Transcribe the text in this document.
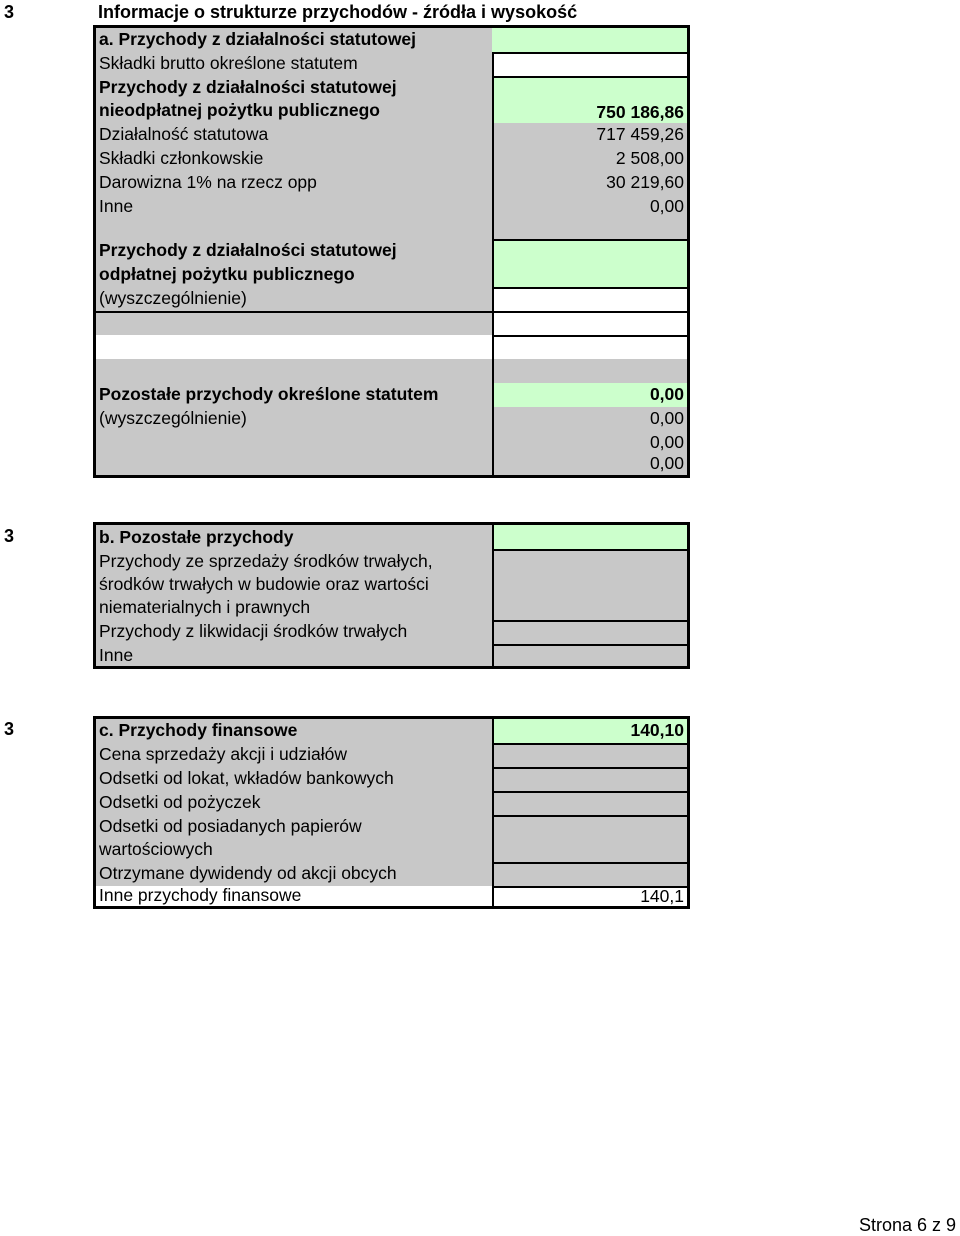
3	Informacje o strukturze przychodów - źródła i wysokość
a. Przychody z działalności statutowej
Składki brutto określone statutem
Przychody z działalności statutowej
nieodpłatnej pożytku publicznego	750 186,86
Działalność statutowa	717 459,26
Składki członkowskie	2 508,00
Darowizna 1% na rzecz opp	30 219,60
Inne	0,00
Przychody z działalności statutowej
odpłatnej pożytku publicznego
(wyszczególnienie)
Pozostałe przychody określone statutem	0,00
(wyszczególnienie)	0,00
0,00
0,00
3	b. Pozostałe przychody
Przychody ze sprzedaży środków trwałych,
środków trwałych w budowie oraz wartości
niematerialnych i prawnych
Przychody z likwidacji środków trwałych
Inne
3	c. Przychody finansowe	140,10
Cena sprzedaży akcji i udziałów
Odsetki od lokat, wkładów bankowych
Odsetki od pożyczek
Odsetki od posiadanych papierów
wartościowych
Otrzymane dywidendy od akcji obcych
Inne przychody finansowe	140,1
Strona 6 z 9
